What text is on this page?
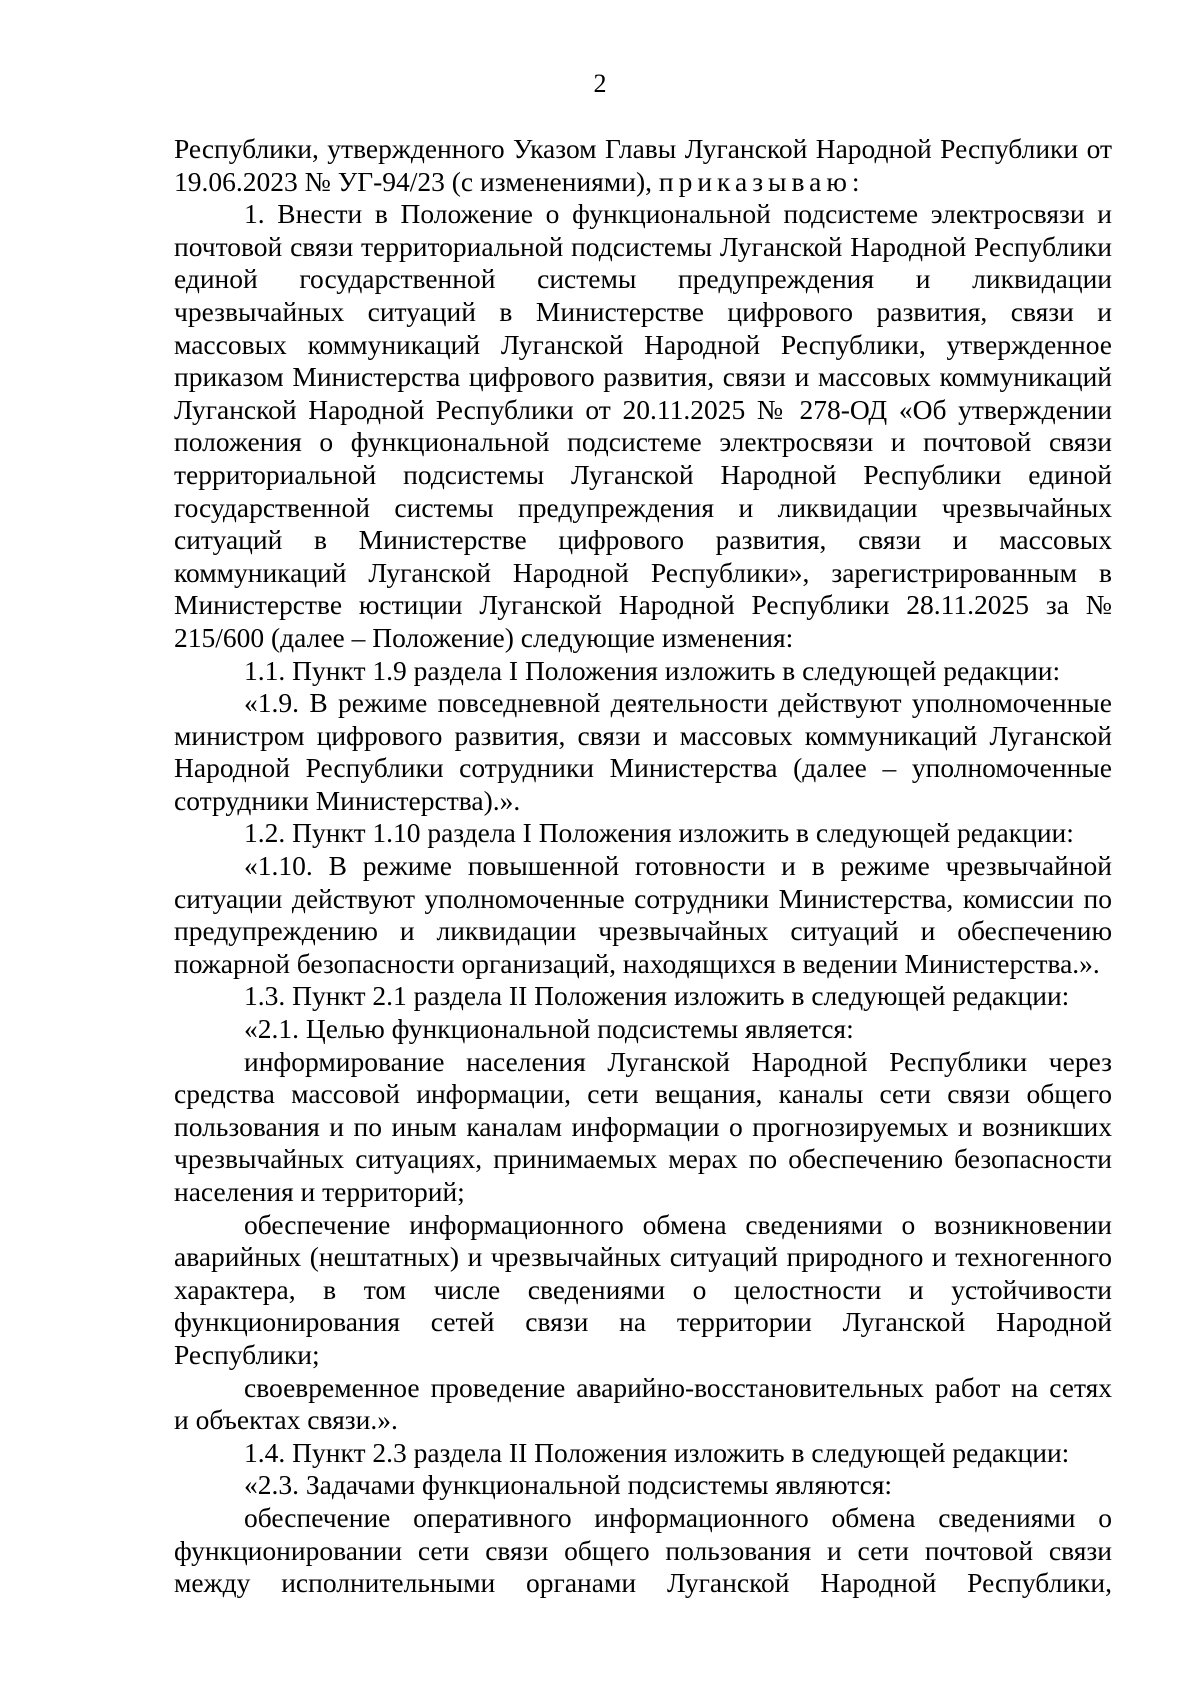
2

Республики, утвержденного Указом Главы Луганской Народной Республики от 19.06.2023 № УГ-94/23 (с изменениями), приказываю:

1. Внести в Положение о функциональной подсистеме электросвязи и почтовой связи территориальной подсистемы Луганской Народной Республики единой государственной системы предупреждения и ликвидации чрезвычайных ситуаций в Министерстве цифрового развития, связи и массовых коммуникаций Луганской Народной Республики, утвержденное приказом Министерства цифрового развития, связи и массовых коммуникаций Луганской Народной Республики от 20.11.2025 № 278-ОД «Об утверждении положения о функциональной подсистеме электросвязи и почтовой связи территориальной подсистемы Луганской Народной Республики единой государственной системы предупреждения и ликвидации чрезвычайных ситуаций в Министерстве цифрового развития, связи и массовых коммуникаций Луганской Народной Республики», зарегистрированным в Министерстве юстиции Луганской Народной Республики 28.11.2025 за № 215/600 (далее – Положение) следующие изменения:

1.1. Пункт 1.9 раздела I Положения изложить в следующей редакции:

«1.9. В режиме повседневной деятельности действуют уполномоченные министром цифрового развития, связи и массовых коммуникаций Луганской Народной Республики сотрудники Министерства (далее – уполномоченные сотрудники Министерства).».

1.2. Пункт 1.10 раздела I Положения изложить в следующей редакции:

«1.10. В режиме повышенной готовности и в режиме чрезвычайной ситуации действуют уполномоченные сотрудники Министерства, комиссии по предупреждению и ликвидации чрезвычайных ситуаций и обеспечению пожарной безопасности организаций, находящихся в ведении Министерства.».

1.3. Пункт 2.1 раздела II Положения изложить в следующей редакции:

«2.1. Целью функциональной подсистемы является:

информирование населения Луганской Народной Республики через средства массовой информации, сети вещания, каналы сети связи общего пользования и по иным каналам информации о прогнозируемых и возникших чрезвычайных ситуациях, принимаемых мерах по обеспечению безопасности населения и территорий;

обеспечение информационного обмена сведениями о возникновении аварийных (нештатных) и чрезвычайных ситуаций природного и техногенного характера, в том числе сведениями о целостности и устойчивости функционирования сетей связи на территории Луганской Народной Республики;

своевременное проведение аварийно-восстановительных работ на сетях и объектах связи.».

1.4. Пункт 2.3 раздела II Положения изложить в следующей редакции:

«2.3. Задачами функциональной подсистемы являются:

обеспечение оперативного информационного обмена сведениями о функционировании сети связи общего пользования и сети почтовой связи между исполнительными органами Луганской Народной Республики,
